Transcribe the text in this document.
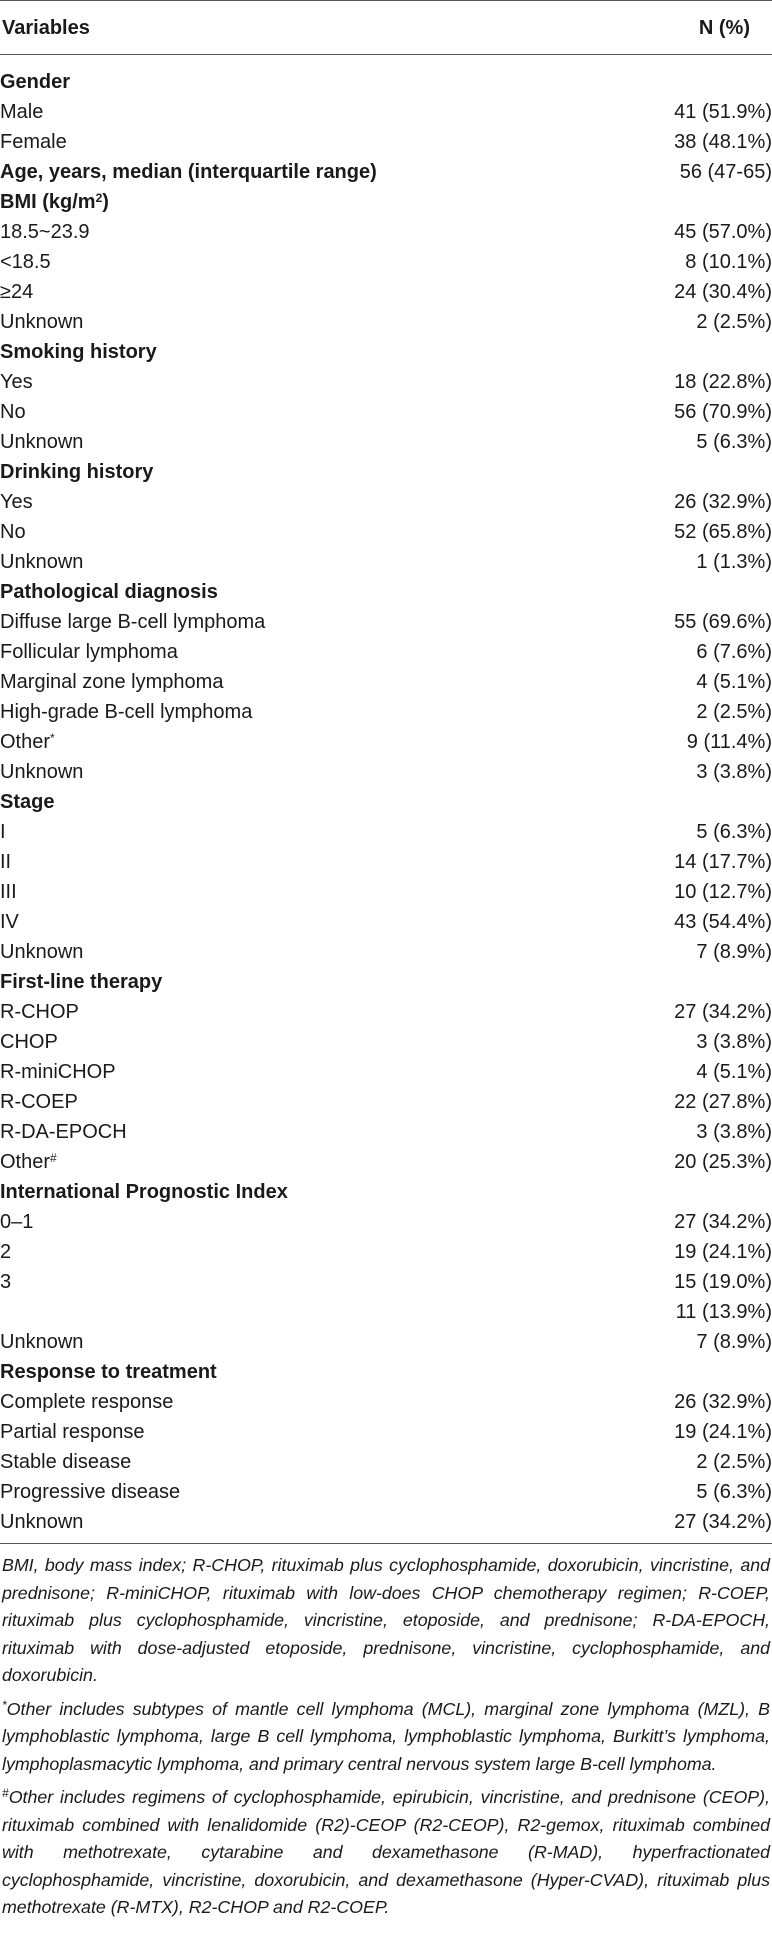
Variables	N (%)
Gender	
Male	41 (51.9%)
Female	38 (48.1%)
Age, years, median (interquartile range)	56 (47-65)
BMI $(kg/m^2)$	
18.5~23.9	45 (57.0%)
<18.5	8 (10.1%)
≥24	24 (30.4%)
Unknown	2 (2.5%)
Smoking history	
Yes	18 (22.8%)
No	56 (70.9%)
Unknown	5 (6.3%)
Drinking history	
Yes	26 (32.9%)
No	52 (65.8%)
Unknown	1 (1.3%)
Pathological diagnosis	
Diffuse large B-cell lymphoma	55 (69.6%)
Follicular lymphoma	6 (7.6%)
Marginal zone lymphoma	4 (5.1%)
High-grade B-cell lymphoma	2 (2.5%)
Other*	9 (11.4%)
Unknown	3 (3.8%)
Stage	
I	5 (6.3%)
II	14 (17.7%)
III	10 (12.7%)
IV	43 (54.4%)
Unknown	7 (8.9%)
First-line therapy	
R-CHOP	27 (34.2%)
CHOP	3 (3.8%)
R-miniCHOP	4 (5.1%)
R-COEP	22 (27.8%)
R-DA-EPOCH	3 (3.8%)
Other#	20 (25.3%)
International Prognostic Index	
0–1	27 (34.2%)
2	19 (24.1%)
3	15 (19.0%)
	11 (13.9%)
Unknown	7 (8.9%)
Response to treatment	
Complete response	26 (32.9%)
Partial response	19 (24.1%)
Stable disease	2 (2.5%)
Progressive disease	5 (6.3%)
Unknown	27 (34.2%)

BMI, body mass index; R-CHOP, rituximab plus cyclophosphamide, doxorubicin, vincristine, and prednisone; R-miniCHOP, rituximab with low-does CHOP chemotherapy regimen; R-COEP, rituximab plus cyclophosphamide, vincristine, etoposide, and prednisone; R-DA-EPOCH, rituximab with dose-adjusted etoposide, prednisone, vincristine, cyclophosphamide, and doxorubicin.

*Other includes subtypes of mantle cell lymphoma (MCL), marginal zone lymphoma (MZL), B lymphoblastic lymphoma, large B cell lymphoma, lymphoblastic lymphoma, Burkitt’s lymphoma, lymphoplasmacytic lymphoma, and primary central nervous system large B-cell lymphoma.

#Other includes regimens of cyclophosphamide, epirubicin, vincristine, and prednisone (CEOP), rituximab combined with lenalidomide (R2)-CEOP (R2-CEOP), R2-gemox, rituximab combined with methotrexate, cytarabine and dexamethasone (R-MAD), hyperfractionated cyclophosphamide, vincristine, doxorubicin, and dexamethasone (Hyper-CVAD), rituximab plus methotrexate (R-MTX), R2-CHOP and R2-COEP.
